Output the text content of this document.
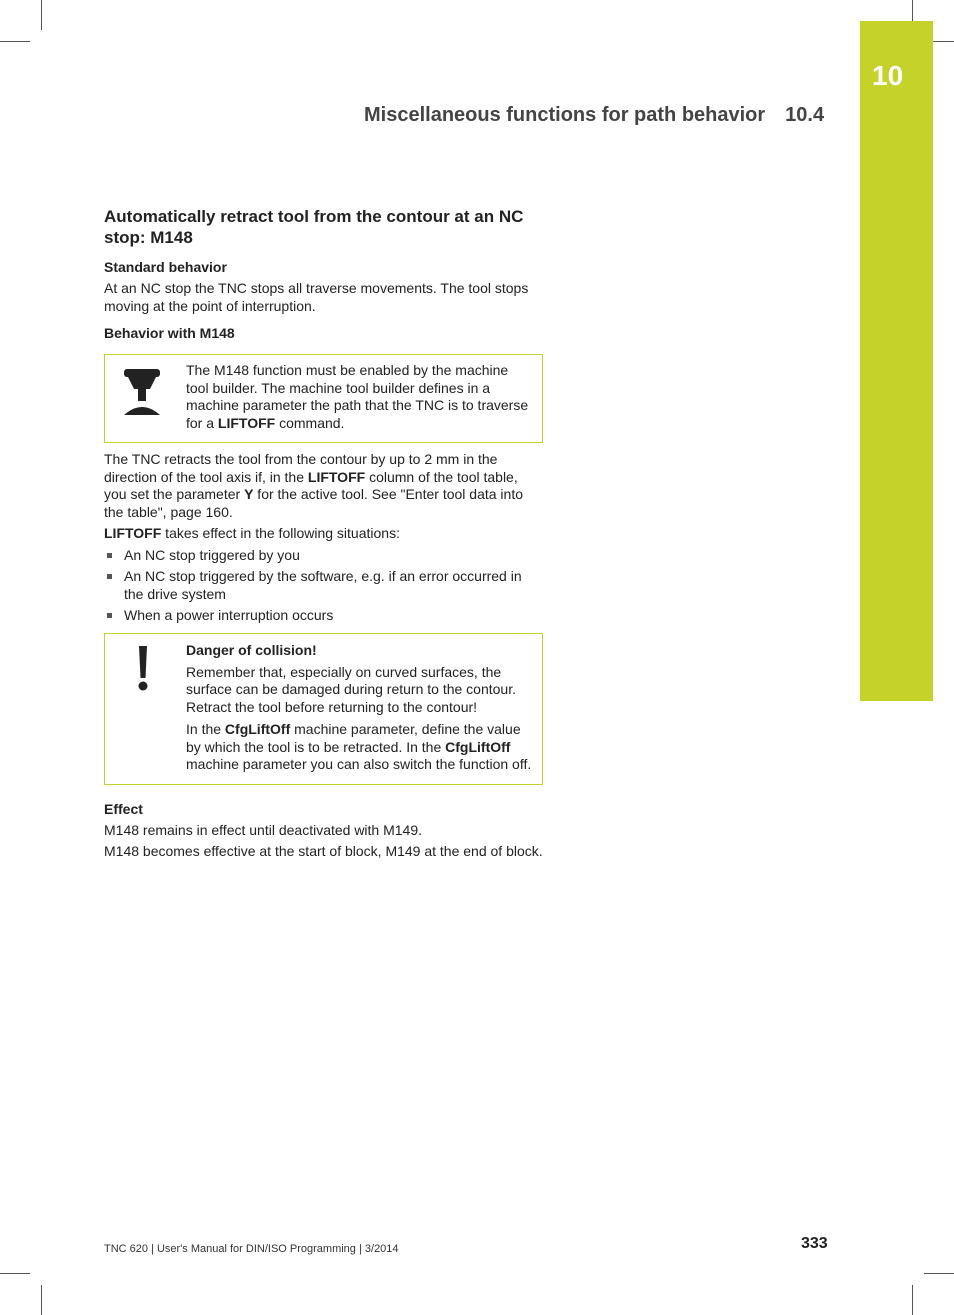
10
Miscellaneous functions for path behavior 10.4
Automatically retract tool from the contour at an NC stop: M148
Standard behavior

At an NC stop the TNC stops all traverse movements. The tool stops moving at the point of interruption.

Behavior with M148

The M148 function must be enabled by the machine tool builder. The machine tool builder defines in a machine parameter the path that the TNC is to traverse for a LIFTOFF command.

The TNC retracts the tool from the contour by up to 2 mm in the direction of the tool axis if, in the LIFTOFF column of the tool table, you set the parameter Y for the active tool. See "Enter tool data into the table", page 160.

LIFTOFF takes effect in the following situations:

An NC stop triggered by you
An NC stop triggered by the software, e.g. if an error occurred in the drive system
When a power interruption occurs
Danger of collision!

Remember that, especially on curved surfaces, the surface can be damaged during return to the contour. Retract the tool before returning to the contour!

In the CfgLiftOff machine parameter, define the value by which the tool is to be retracted. In the CfgLiftOff machine parameter you can also switch the function off.

Effect

M148 remains in effect until deactivated with M149.

M148 becomes effective at the start of block, M149 at the end of block.

TNC 620 | User's Manual for DIN/ISO Programming | 3/2014	333
